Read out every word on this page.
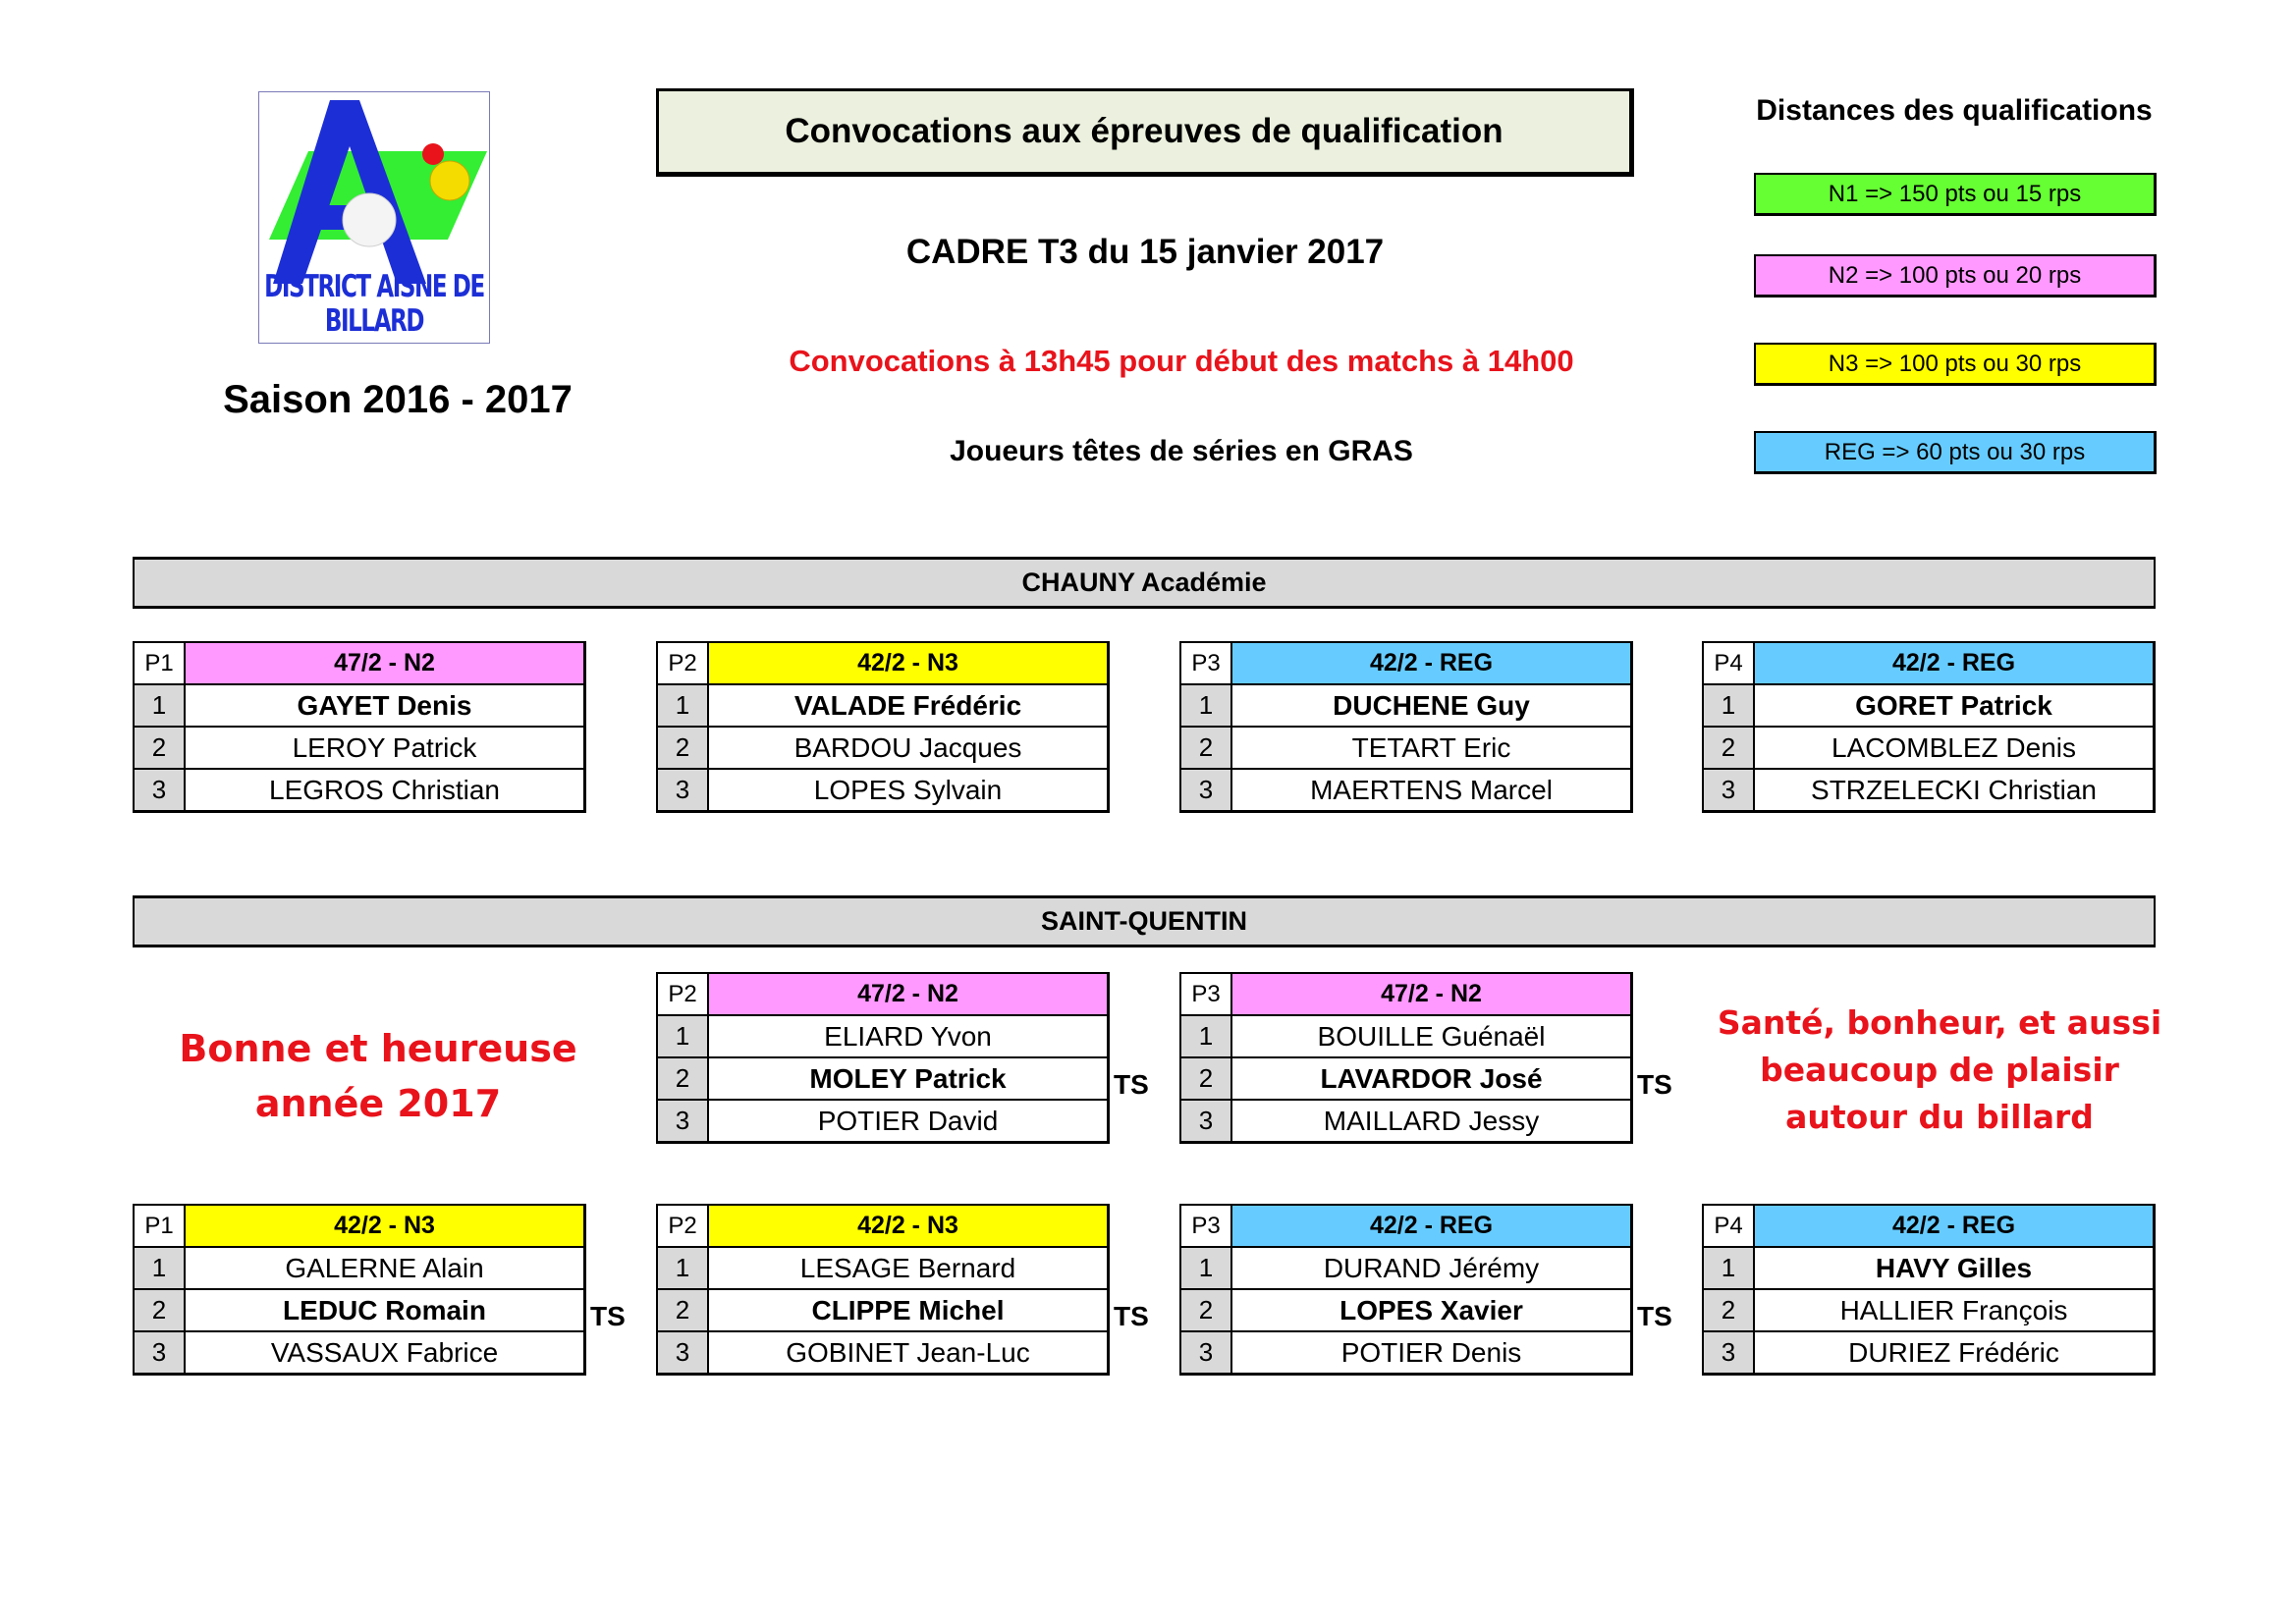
DISTRICT AISNE DE BILLARD
Saison 2016 - 2017
Convocations aux épreuves de qualification
CADRE T3 du 15 janvier 2017
Convocations à 13h45 pour début des matchs à 14h00
Joueurs têtes de séries en GRAS
Distances des qualifications
N1 => 150 pts ou 15 rps
N2 => 100 pts ou 20 rps
N3 => 100 pts ou 30 rps
REG => 60 pts ou 30 rps
CHAUNY Académie
SAINT-QUENTIN
P1	47/2 - N2
1	GAYET Denis
2	LEROY Patrick
3	LEGROS Christian
P2	42/2 - N3
1	VALADE Frédéric
2	BARDOU Jacques
3	LOPES Sylvain
P3	42/2 - REG
1	DUCHENE Guy
2	TETART Eric
3	MAERTENS Marcel
P4	42/2 - REG
1	GORET Patrick
2	LACOMBLEZ Denis
3	STRZELECKI Christian
P2	47/2 - N2
1	ELIARD Yvon
2	MOLEY Patrick
3	POTIER David
P3	47/2 - N2
1	BOUILLE Guénaël
2	LAVARDOR José
3	MAILLARD Jessy
P1	42/2 - N3
1	GALERNE Alain
2	LEDUC Romain
3	VASSAUX Fabrice
P2	42/2 - N3
1	LESAGE Bernard
2	CLIPPE Michel
3	GOBINET Jean-Luc
P3	42/2 - REG
1	DURAND Jérémy
2	LOPES Xavier
3	POTIER Denis
P4	42/2 - REG
1	HAVY Gilles
2	HALLIER François
3	DURIEZ Frédéric
TS	TS
TS	TS	TS
Bonne et heureuse
année 2017
Santé, bonheur, et aussi
beaucoup de plaisir
autour du billard
